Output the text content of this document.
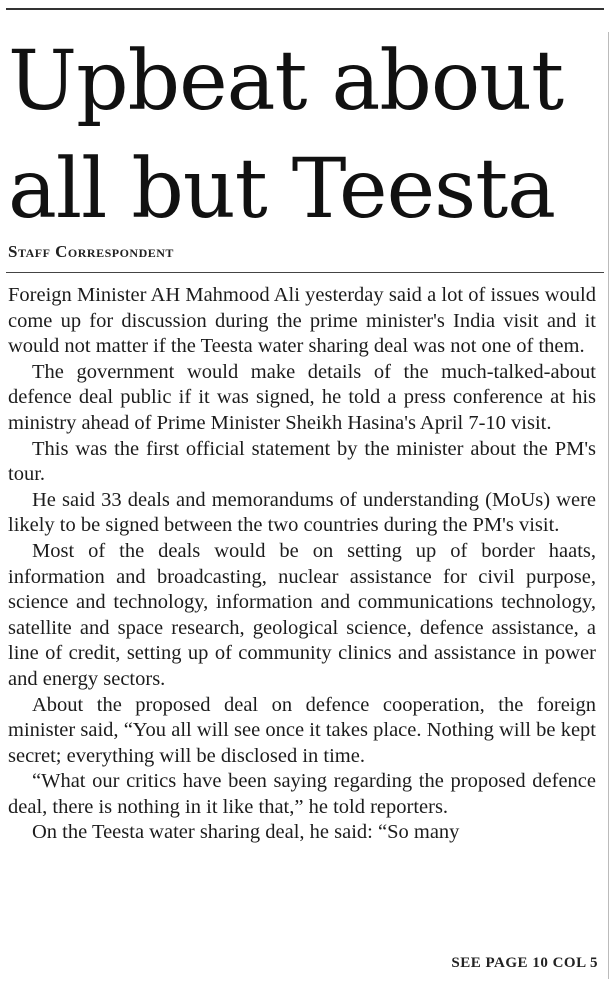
Upbeat about
all but Teesta
Staff Correspondent

Foreign Minister AH Mahmood Ali yesterday said a lot of issues would come up for discussion during the prime minister's India visit and it would not matter if the Teesta water sharing deal was not one of them.

The government would make details of the much-talked-about defence deal public if it was signed, he told a press conference at his ministry ahead of Prime Minister Sheikh Hasina's April 7-10 visit.

This was the first official statement by the minister about the PM's tour.

He said 33 deals and memorandums of understanding (MoUs) were likely to be signed between the two countries during the PM's visit.

Most of the deals would be on setting up of border haats, information and broadcasting, nuclear assistance for civil purpose, science and technology, information and communications technology, satellite and space research, geological science, defence assistance, a line of credit, setting up of community clinics and assistance in power and energy sectors.

About the proposed deal on defence cooperation, the foreign minister said, “You all will see once it takes place. Nothing will be kept secret; everything will be disclosed in time.

“What our critics have been saying regarding the proposed defence deal, there is nothing in it like that,” he told reporters.

On the Teesta water sharing deal, he said: “So many

SEE PAGE 10 COL 5
